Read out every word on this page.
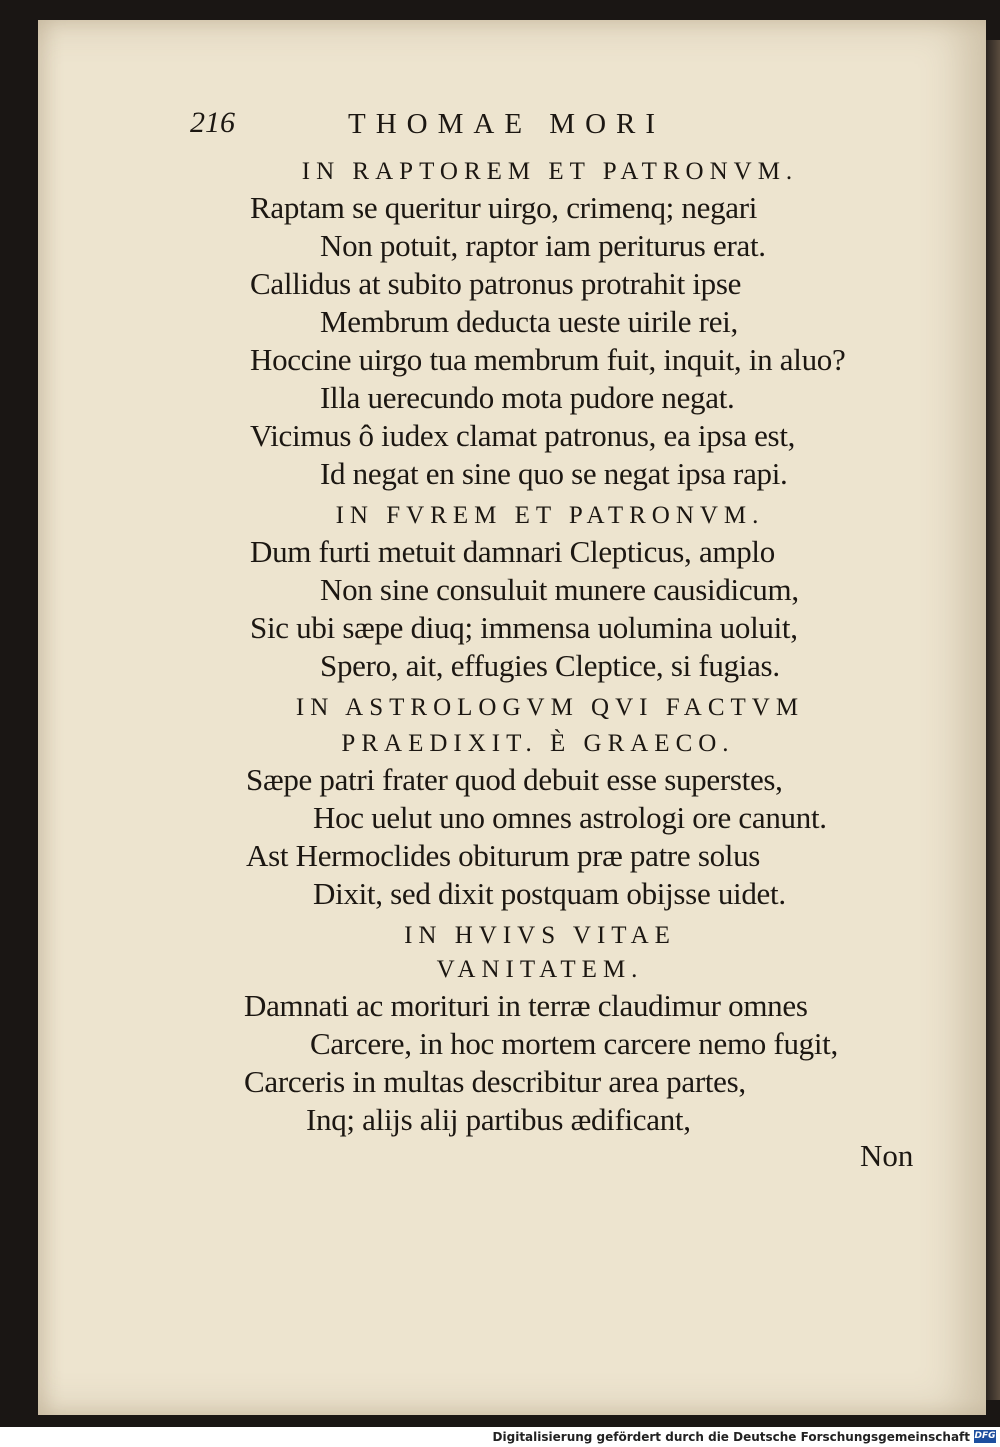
216	THOMAE MORI
IN RAPTOREM ET PATRONVM.
Raptam se queritur uirgo, crimenq; negari
Non potuit, raptor iam periturus erat.
Callidus at subito patronus protrahit ipse
Membrum deducta ueste uirile rei,
Hoccine uirgo tua membrum fuit, inquit, in aluo?
Illa uerecundo mota pudore negat.
Vicimus ô iudex clamat patronus, ea ipsa est,
Id negat en sine quo se negat ipsa rapi.
IN FVREM ET PATRONVM.
Dum furti metuit damnari Clepticus, amplo
Non sine consuluit munere causidicum,
Sic ubi sæpe diuq; immensa uolumina uoluit,
Spero, ait, effugies Cleptice, si fugias.
IN ASTROLOGVM QVI FACTVM
PRAEDIXIT. È GRAECO.
Sæpe patri frater quod debuit esse superstes,
Hoc uelut uno omnes astrologi ore canunt.
Ast Hermoclides obiturum præ patre solus
Dixit, sed dixit postquam obijsse uidet.
IN HVIVS VITAE
VANITATEM.
Damnati ac morituri in terræ claudimur omnes
Carcere, in hoc mortem carcere nemo fugit,
Carceris in multas describitur area partes,
Inq; alijs alij partibus ædificant,
Non
Digitalisierung gefördert durch die Deutsche Forschungsgemeinschaft DFG
